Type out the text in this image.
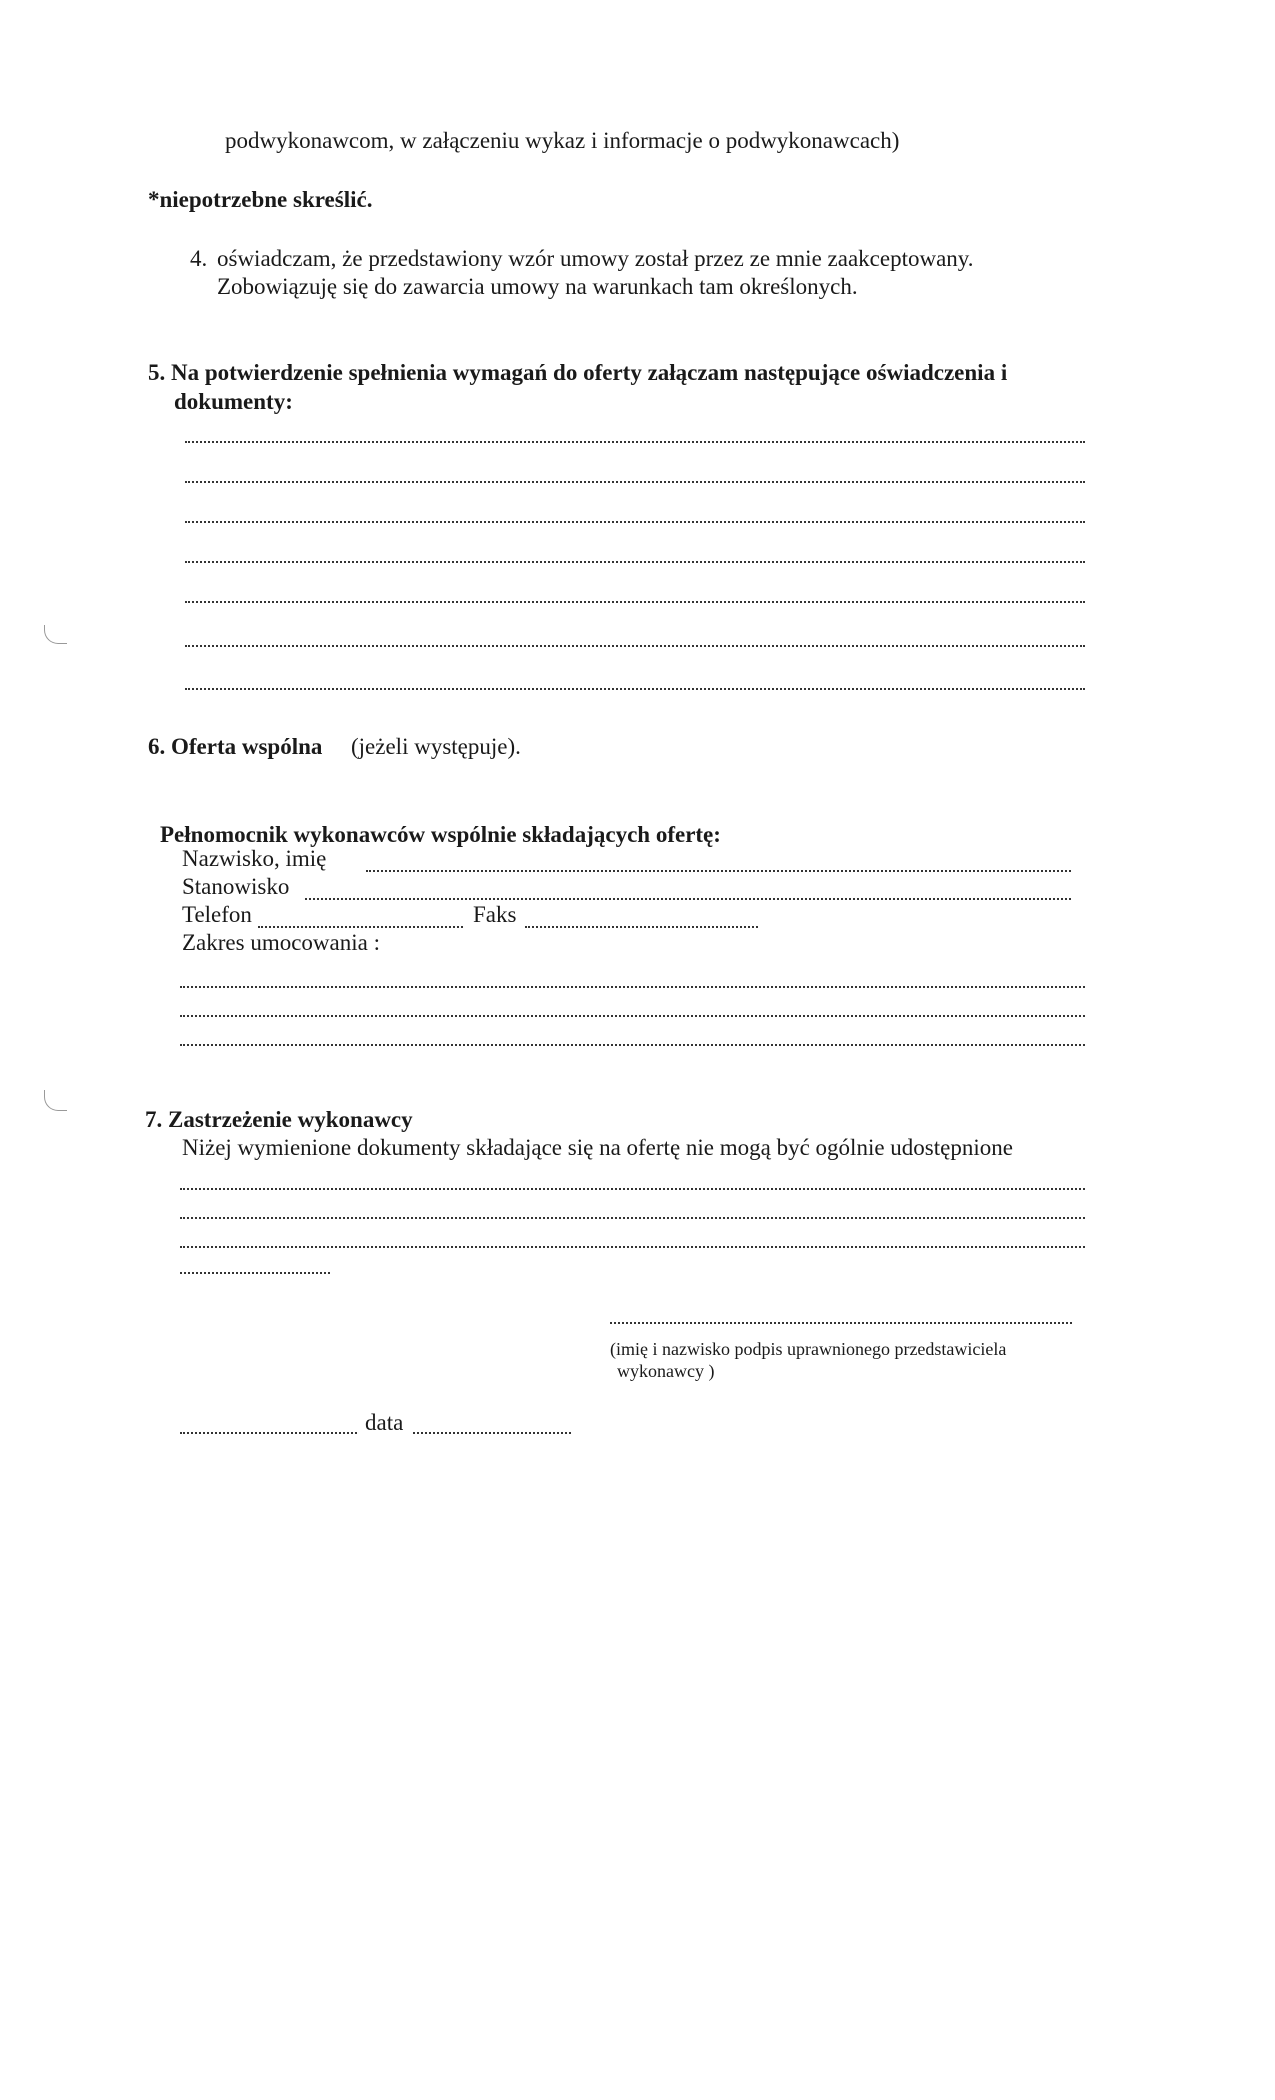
podwykonawcom, w załączeniu wykaz i informacje o podwykonawcach)
*niepotrzebne skreślić.
4. oświadczam, że przedstawiony wzór umowy został przez ze mnie zaakceptowany.
Zobowiązuję się do zawarcia umowy na warunkach tam określonych.
5. Na potwierdzenie spełnienia wymagań do oferty załączam następujące oświadczenia i
dokumenty:
6. Oferta wspólna (jeżeli występuje).
Pełnomocnik wykonawców wspólnie składających ofertę:
Nazwisko, imię
Stanowisko
Telefon	Faks
Zakres umocowania :
7. Zastrzeżenie wykonawcy
Niżej wymienione dokumenty składające się na ofertę nie mogą być ogólnie udostępnione
(imię i nazwisko podpis uprawnionego przedstawiciela
wykonawcy )
data
